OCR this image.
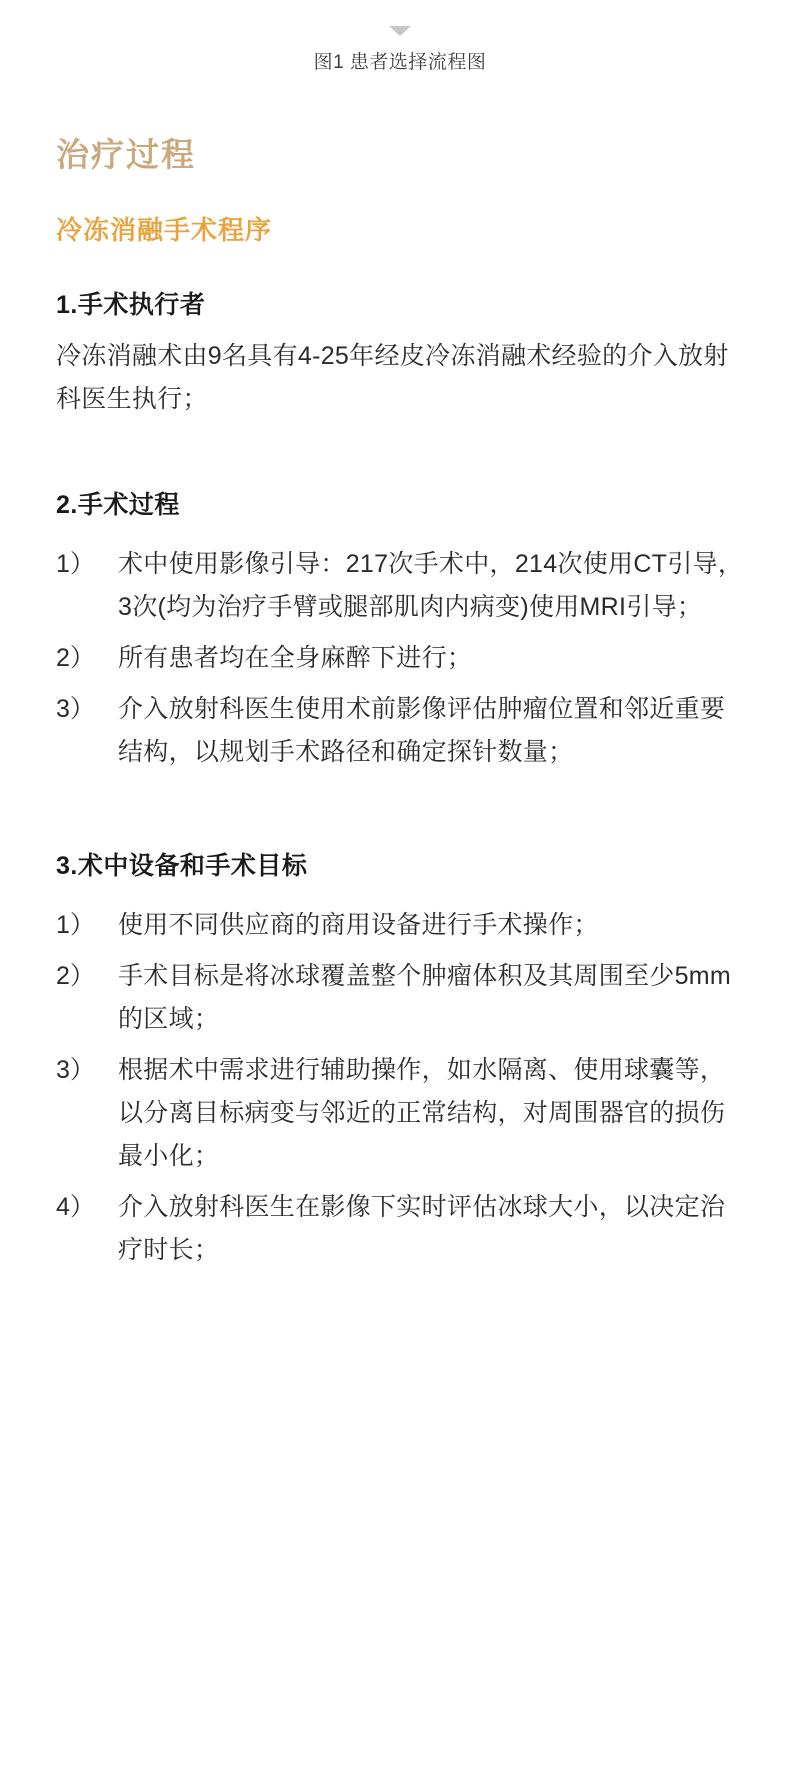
图1 患者选择流程图
治疗过程
冷冻消融手术程序
1.手术执行者
冷冻消融术由9名具有4-25年经皮冷冻消融术经验的介入放射科医生执行；
2.手术过程
1） 术中使用影像引导：217次手术中，214次使用CT引导，3次(均为治疗手臂或腿部肌肉内病变)使用MRI引导；
2） 所有患者均在全身麻醉下进行；
3） 介入放射科医生使用术前影像评估肿瘤位置和邻近重要结构，以规划手术路径和确定探针数量；
3.术中设备和手术目标
1） 使用不同供应商的商用设备进行手术操作；
2） 手术目标是将冰球覆盖整个肿瘤体积及其周围至少5mm的区域；
3） 根据术中需求进行辅助操作，如水隔离、使用球囊等，以分离目标病变与邻近的正常结构，对周围器官的损伤最小化；
4） 介入放射科医生在影像下实时评估冰球大小，以决定治疗时长；
